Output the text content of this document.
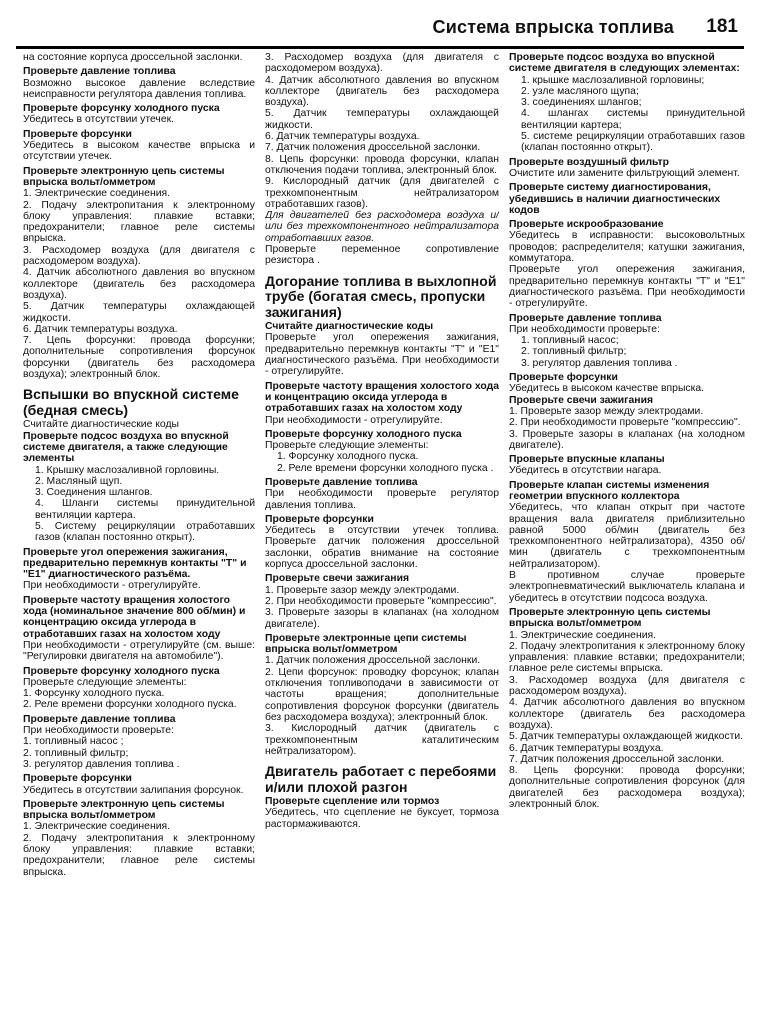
Система впрыска топлива 181
на состояние корпуса дроссельной заслонки.
Проверьте давление топлива
Возможно высокое давление вследствие неисправности регулятора давления топлива.
Проверьте форсунку холодного пуска
Убедитесь в отсутствии утечек.
Проверьте форсунки
Убедитесь в высоком качестве впрыска и отсутствии утечек.
Проверьте электронную цепь системы впрыска вольт/омметром
1. Электрические соединения.
2. Подачу электропитания к электронному блоку управления: плавкие вставки; предохранители; главное реле системы впрыска.
3. Расходомер воздуха (для двигателя с расходомером воздуха).
4. Датчик абсолютного давления во впускном коллекторе (двигатель без расходомера воздуха).
5. Датчик температуры охлаждающей жидкости.
6. Датчик температуры воздуха.
7. Цепь форсунки: провода форсунки; дополнительные сопротивления форсунок форсунки (двигатель без расходомера воздуха); электронный блок.
Вспышки во впускной системе (бедная смесь)
Считайте диагностические коды
Проверьте подсос воздуха во впускной системе двигателя, а также следующие элементы
1. Крышку маслозаливной горловины.
2. Масляный щуп.
3. Соединения шлангов.
4. Шланги системы принудительной вентиляции картера.
5. Систему рециркуляции отработавших газов (клапан постоянно открыт).
Проверьте угол опережения зажигания, предварительно перемкнув контакты "Т" и "Е1" диагностического разъёма.
При необходимости - отрегулируйте.
Проверьте частоту вращения холостого хода (номинальное значение 800 об/мин) и концентрацию оксида углерода в отработавших газах на холостом ходу
При необходимости - отрегулируйте (см. выше: "Регулировки двигателя на автомобиле").
Проверьте форсунку холодного пуска
Проверьте следующие элементы:
1. Форсунку холодного пуска.
2. Реле времени форсунки холодного пуска.
Проверьте давление топлива
При необходимости проверьте:
1. топливный насос ;
2. топливный фильтр;
3. регулятор давления топлива .
Проверьте форсунки
Убедитесь в отсутствии залипания форсунок.
Проверьте электронную цепь системы впрыска вольт/омметром
1. Электрические соединения.
2. Подачу электропитания к электронному блоку управления: плавкие вставки; предохранители; главное реле системы впрыска.
3. Расходомер воздуха (для двигателя с расходомером воздуха).
4. Датчик абсолютного давления во впускном коллекторе (двигатель без расходомера воздуха).
5. Датчик температуры охлаждающей жидкости.
6. Датчик температуры воздуха.
7. Датчик положения дроссельной заслонки.
8. Цепь форсунки: провода форсунки, клапан отключения подачи топлива, электронный блок.
9. Кислородный датчик (для двигателей с трехкомпонентным нейтрализатором отработавших газов).
Для двигателей без расходомера воздуха и/или без трехкомпонентного нейтрализатора отработавших газов.
Проверьте переменное сопротивление резистора .
Догорание топлива в выхлопной трубе (богатая смесь, пропуски зажигания)
Считайте диагностические коды
Проверьте угол опережения зажигания, предварительно перемкнув контакты "Т" и "Е1" диагностического разъёма. При необходимости - отрегулируйте.
Проверьте частоту вращения холостого хода и концентрацию оксида углерода в отработавших газах на холостом ходу
При необходимости - отрегулируйте.
Проверьте форсунку холодного пуска
Проверьте следующие элементы:
1. Форсунку холодного пуска.
2. Реле времени форсунки холодного пуска .
Проверьте давление топлива
При необходимости проверьте регулятор давления топлива.
Проверьте форсунки
Убедитесь в отсутствии утечек топлива. Проверьте датчик положения дроссельной заслонки, обратив внимание на состояние корпуса дроссельной заслонки.
Проверьте свечи зажигания
1. Проверьте зазор между электродами.
2. При необходимости проверьте "компрессию".
3. Проверьте зазоры в клапанах (на холодном двигателе).
Проверьте электронные цепи системы впрыска вольт/омметром
1. Датчик положения дроссельной заслонки.
2. Цепи форсунок: проводку форсунок; клапан отключения топливоподачи в зависимости от частоты вращения; дополнительные сопротивления форсунок форсунки (двигатель без расходомера воздуха); электронный блок.
3. Кислородный датчик (двигатель с трехкомпонентным каталитическим нейтрализатором).
Двигатель работает с перебоями и/или плохой разгон
Проверьте сцепление или тормоз
Убедитесь, что сцепление не буксует, тормоза растормаживаются.
Проверьте подсос воздуха во впускной системе двигателя в следующих элементах:
1. крышке маслозаливной горловины;
2. узле масляного щупа;
3. соединениях шлангов;
4. шлангах системы принудительной вентиляции картера;
5. системе рециркуляции отработавших газов (клапан постоянно открыт).
Проверьте воздушный фильтр
Очистите или замените фильтрующий элемент.
Проверьте систему диагностирования, убедившись в наличии диагностических кодов
Проверьте искрообразование
Убедитесь в исправности: высоковольтных проводов; распределителя; катушки зажигания, коммутатора.
Проверьте угол опережения зажигания, предварительно перемкнув контакты "Т" и "Е1" диагностического разъёма. При необходимости - отрегулируйте.
Проверьте давление топлива
При необходимости проверьте:
1. топливный насос;
2. топливный фильтр;
3. регулятор давления топлива .
Проверьте форсунки
Убедитесь в высоком качестве впрыска.
Проверьте свечи зажигания
1. Проверьте зазор между электродами.
2. При необходимости проверьте "компрессию".
3. Проверьте зазоры в клапанах (на холодном двигателе).
Проверьте впускные клапаны
Убедитесь в отсутствии нагара.
Проверьте клапан системы изменения геометрии впускного коллектора
Убедитесь, что клапан открыт при частоте вращения вала двигателя приблизительно равной 5000 об/мин (двигатель без трехкомпонентного нейтрализатора), 4350 об/мин (двигатель с трехкомпонентным нейтрализатором).
В противном случае проверьте электропневматический выключатель клапана и убедитесь в отсутствии подсоса воздуха.
Проверьте электронную цепь системы впрыска вольт/омметром
1. Электрические соединения.
2. Подачу электропитания к электронному блоку управления: плавкие вставки; предохранители; главное реле системы впрыска.
3. Расходомер воздуха (для двигателя с расходомером воздуха).
4. Датчик абсолютного давления во впускном коллекторе (двигатель без расходомера воздуха).
5. Датчик температуры охлаждающей жидкости.
6. Датчик температуры воздуха.
7. Датчик положения дроссельной заслонки.
8. Цепь форсунки: провода форсунки; дополнительные сопротивления форсунок (для двигателей без расходомера воздуха); электронный блок.
